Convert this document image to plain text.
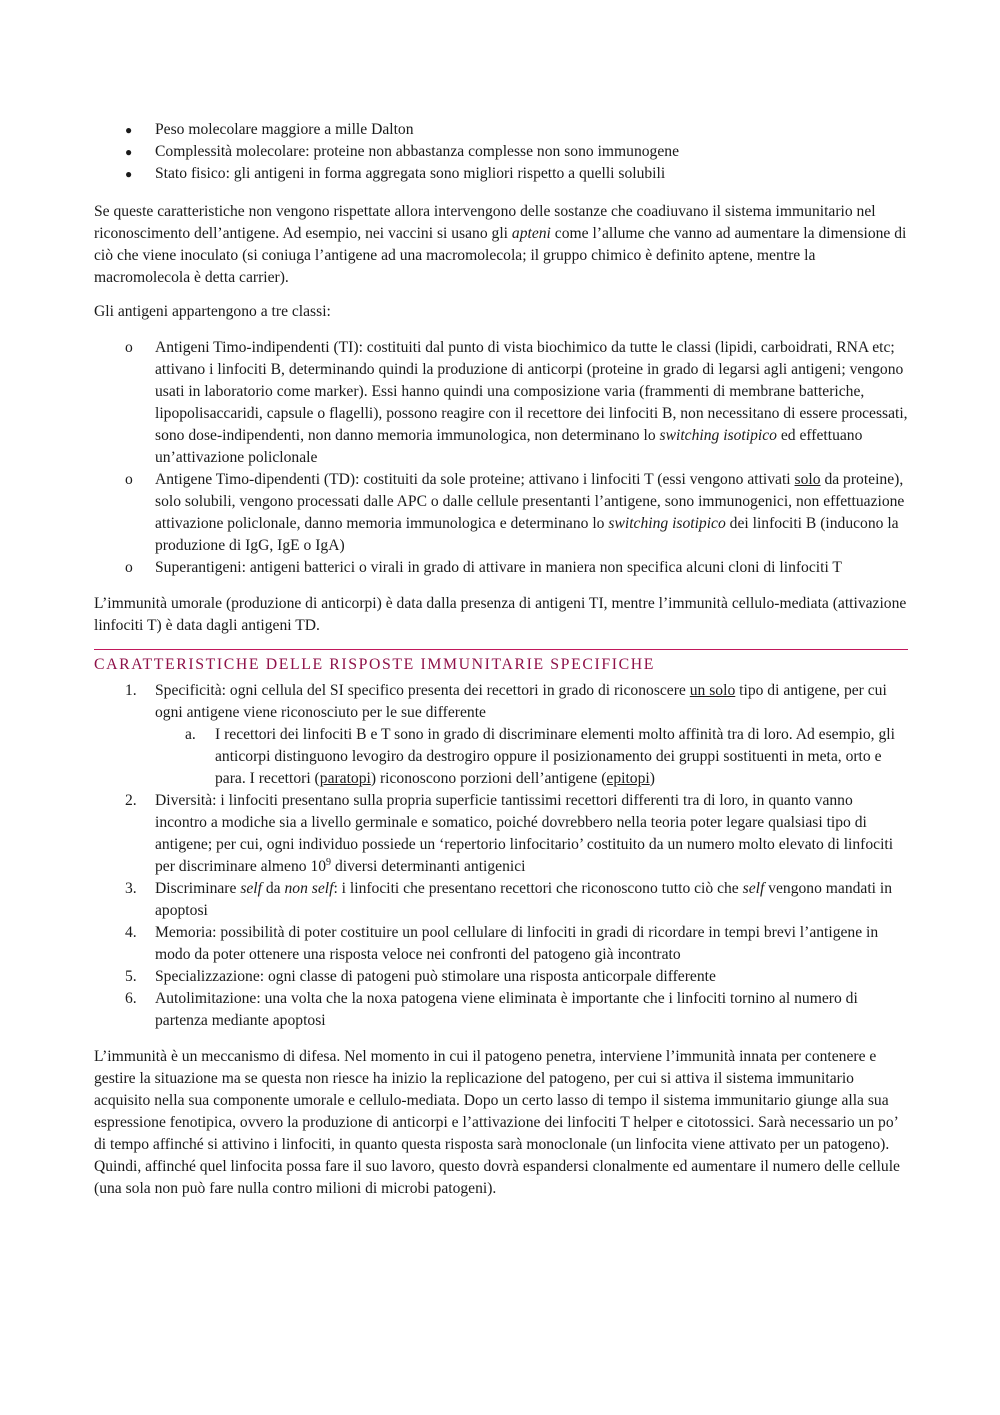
● Peso molecolare maggiore a mille Dalton
● Complessità molecolare: proteine non abbastanza complesse non sono immunogene
● Stato fisico: gli antigeni in forma aggregata sono migliori rispetto a quelli solubili

Se queste caratteristiche non vengono rispettate allora intervengono delle sostanze che coadiuvano il sistema immunitario nel riconoscimento dell’antigene. Ad esempio, nei vaccini si usano gli apteni come l’allume che vanno ad aumentare la dimensione di ciò che viene inoculato (si coniuga l’antigene ad una macromolecola; il gruppo chimico è definito aptene, mentre la macromolecola è detta carrier).

Gli antigeni appartengono a tre classi:

o Antigeni Timo-indipendenti (TI): costituiti dal punto di vista biochimico da tutte le classi (lipidi, carboidrati, RNA etc; attivano i linfociti B, determinando quindi la produzione di anticorpi (proteine in grado di legarsi agli antigeni; vengono usati in laboratorio come marker). Essi hanno quindi una composizione varia (frammenti di membrane batteriche, lipopolisaccaridi, capsule o flagelli), possono reagire con il recettore dei linfociti B, non necessitano di essere processati, sono dose-indipendenti, non danno memoria immunologica, non determinano lo switching isotipico ed effettuano un’attivazione policlonale
o Antigene Timo-dipendenti (TD): costituiti da sole proteine; attivano i linfociti T (essi vengono attivati solo da proteine), solo solubili, vengono processati dalle APC o dalle cellule presentanti l’antigene, sono immunogenici, non effettuazione attivazione policlonale, danno memoria immunologica e determinano lo switching isotipico dei linfociti B (inducono la produzione di IgG, IgE o IgA)
o Superantigeni: antigeni batterici o virali in grado di attivare in maniera non specifica alcuni cloni di linfociti T

L’immunità umorale (produzione di anticorpi) è data dalla presenza di antigeni TI, mentre l’immunità cellulo-mediata (attivazione linfociti T) è data dagli antigeni TD.

CARATTERISTICHE DELLE RISPOSTE IMMUNITARIE SPECIFICHE
1. Specificità: ogni cellula del SI specifico presenta dei recettori in grado di riconoscere un solo tipo di antigene, per cui ogni antigene viene riconosciuto per le sue differente
a. I recettori dei linfociti B e T sono in grado di discriminare elementi molto affinità tra di loro. Ad esempio, gli anticorpi distinguono levogiro da destrogiro oppure il posizionamento dei gruppi sostituenti in meta, orto e para. I recettori (paratopi) riconoscono porzioni dell’antigene (epitopi)
2. Diversità: i linfociti presentano sulla propria superficie tantissimi recettori differenti tra di loro, in quanto vanno incontro a modiche sia a livello germinale e somatico, poiché dovrebbero nella teoria poter legare qualsiasi tipo di antigene; per cui, ogni individuo possiede un ‘repertorio linfocitario’ costituito da un numero molto elevato di linfociti per discriminare almeno $10^9$ diversi determinanti antigenici
3. Discriminare self da non self: i linfociti che presentano recettori che riconoscono tutto ciò che self vengono mandati in apoptosi
4. Memoria: possibilità di poter costituire un pool cellulare di linfociti in gradi di ricordare in tempi brevi l’antigene in modo da poter ottenere una risposta veloce nei confronti del patogeno già incontrato
5. Specializzazione: ogni classe di patogeni può stimolare una risposta anticorpale differente
6. Autolimitazione: una volta che la noxa patogena viene eliminata è importante che i linfociti tornino al numero di partenza mediante apoptosi

L’immunità è un meccanismo di difesa. Nel momento in cui il patogeno penetra, interviene l’immunità innata per contenere e gestire la situazione ma se questa non riesce ha inizio la replicazione del patogeno, per cui si attiva il sistema immunitario acquisito nella sua componente umorale e cellulo-mediata. Dopo un certo lasso di tempo il sistema immunitario giunge alla sua espressione fenotipica, ovvero la produzione di anticorpi e l’attivazione dei linfociti T helper e citotossici. Sarà necessario un po’ di tempo affinché si attivino i linfociti, in quanto questa risposta sarà monoclonale (un linfocita viene attivato per un patogeno). Quindi, affinché quel linfocita possa fare il suo lavoro, questo dovrà espandersi clonalmente ed aumentare il numero delle cellule (una sola non può fare nulla contro milioni di microbi patogeni).
